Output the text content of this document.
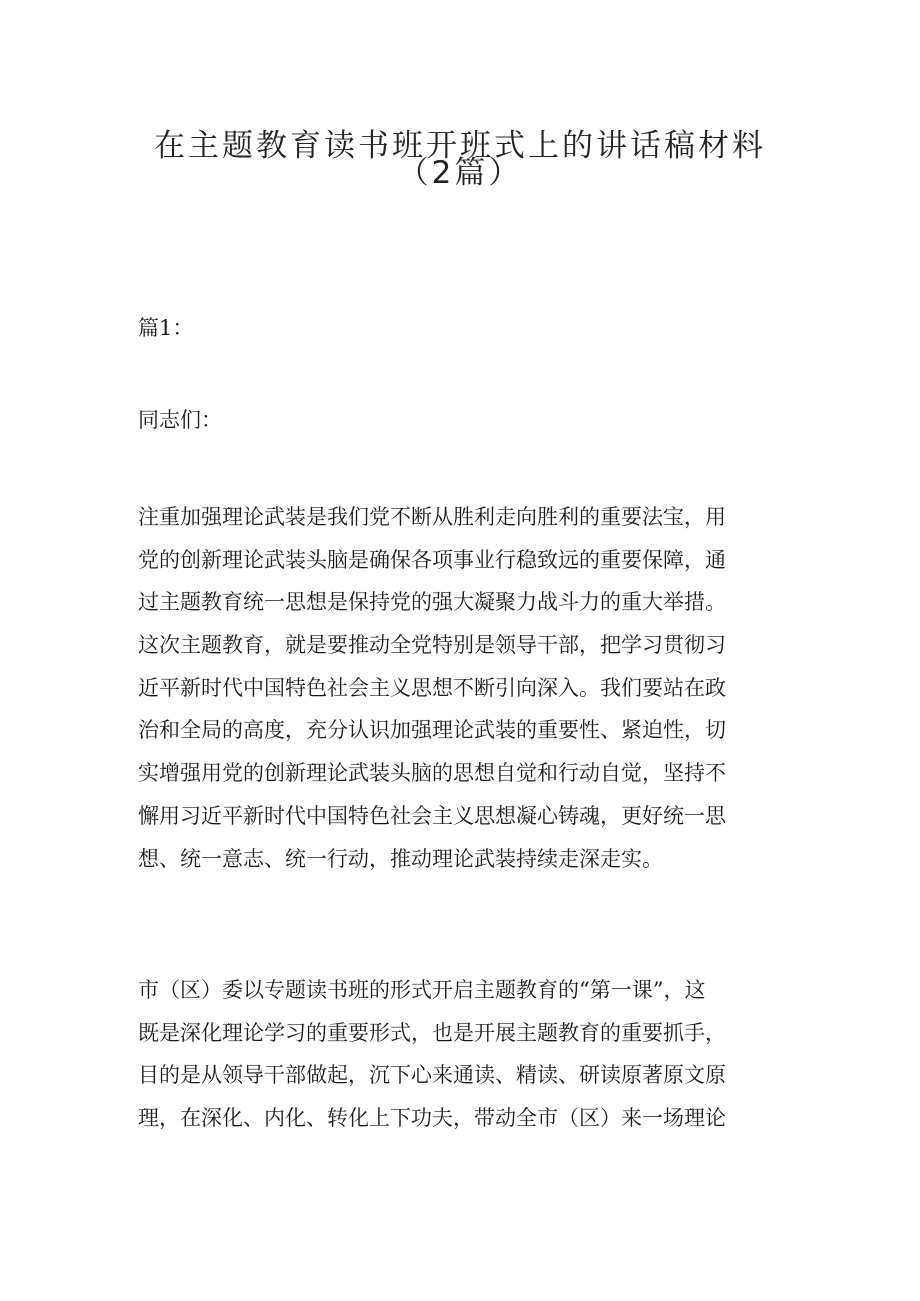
在主题教育读书班开班式上的讲话稿材料
（2篇）

篇1：

同志们：

注重加强理论武装是我们党不断从胜利走向胜利的重要法宝，用
党的创新理论武装头脑是确保各项事业行稳致远的重要保障，通
过主题教育统一思想是保持党的强大凝聚力战斗力的重大举措。
这次主题教育，就是要推动全党特别是领导干部，把学习贯彻习
近平新时代中国特色社会主义思想不断引向深入。我们要站在政
治和全局的高度，充分认识加强理论武装的重要性、紧迫性，切
实增强用党的创新理论武装头脑的思想自觉和行动自觉，坚持不
懈用习近平新时代中国特色社会主义思想凝心铸魂，更好统一思
想、统一意志、统一行动，推动理论武装持续走深走实。

市（区）委以专题读书班的形式开启主题教育的“第一课”，这
既是深化理论学习的重要形式，也是开展主题教育的重要抓手，
目的是从领导干部做起，沉下心来通读、精读、研读原著原文原
理，在深化、内化、转化上下功夫，带动全市（区）来一场理论
